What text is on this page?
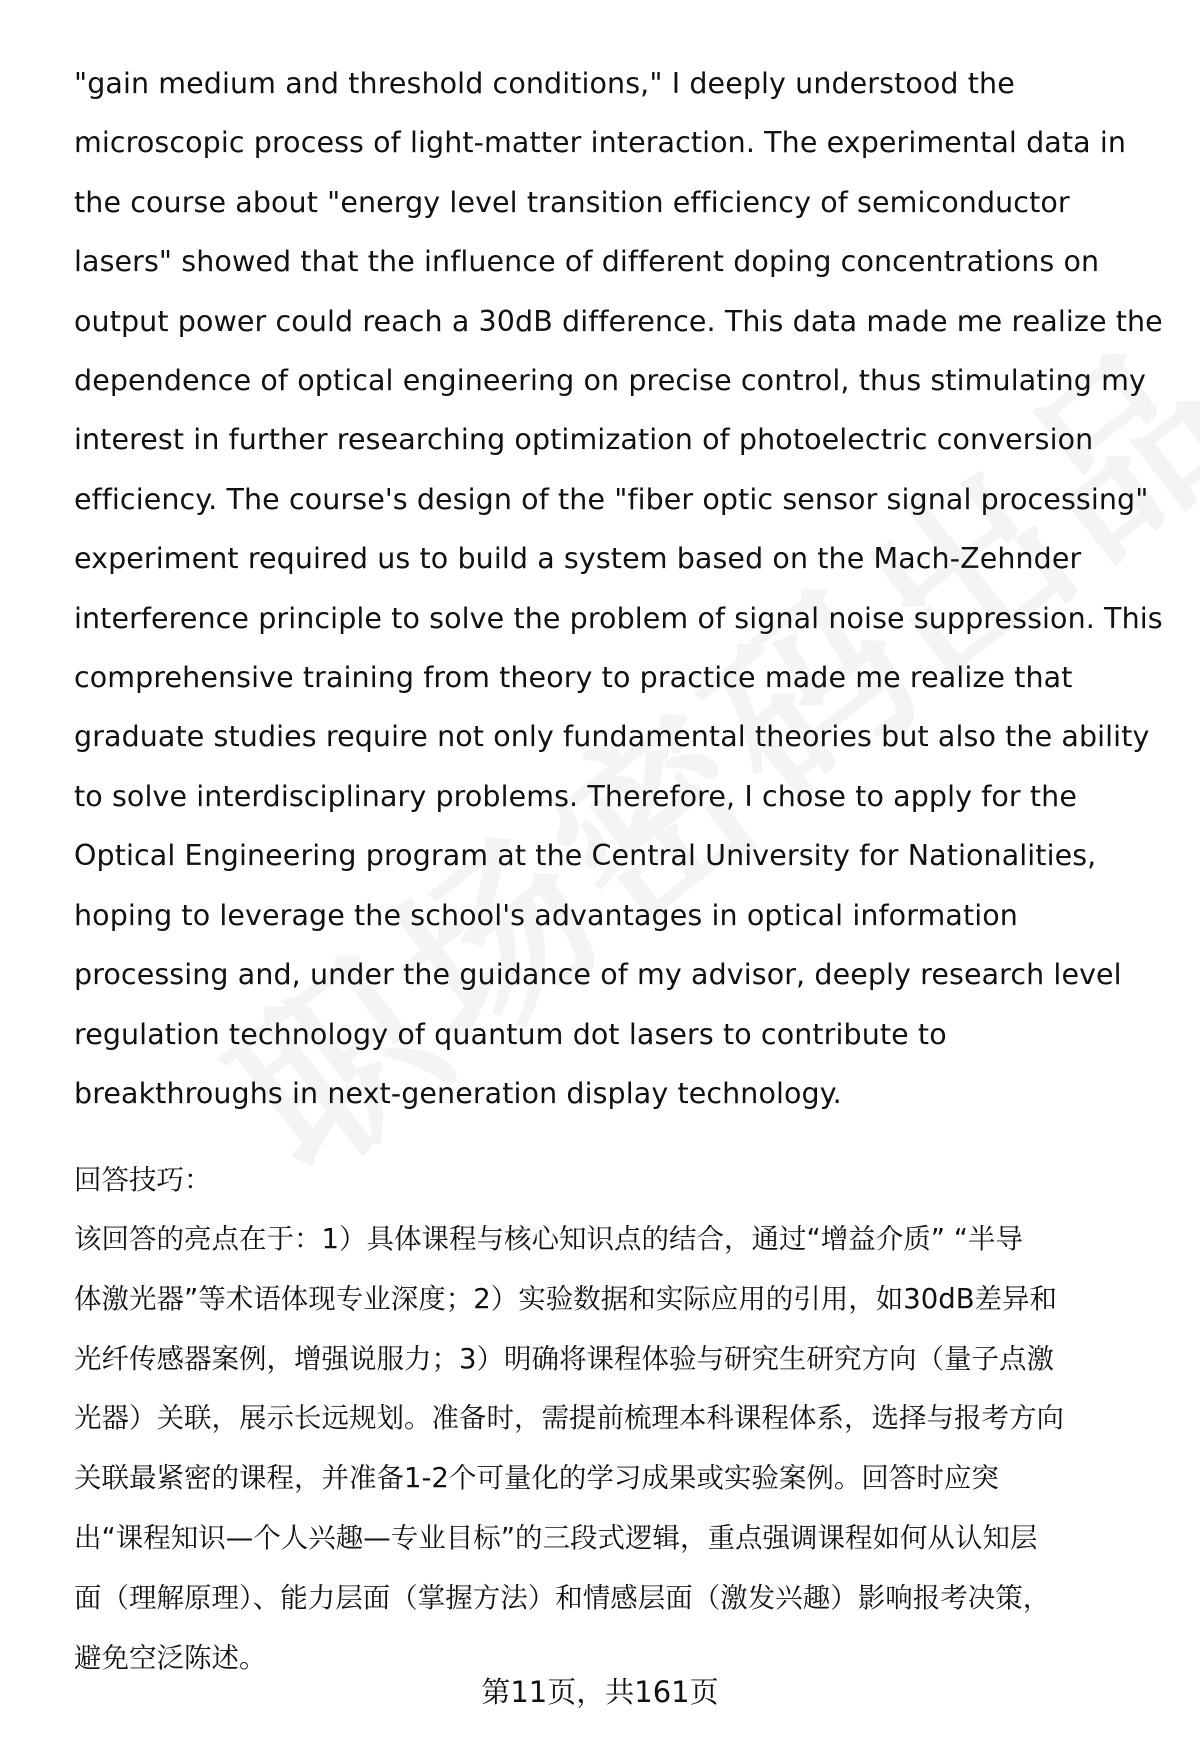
"gain medium and threshold conditions," I deeply understood the
microscopic process of light-matter interaction. The experimental data in
the course about "energy level transition efficiency of semiconductor
lasers" showed that the influence of different doping concentrations on
output power could reach a 30dB difference. This data made me realize the
dependence of optical engineering on precise control, thus stimulating my
interest in further researching optimization of photoelectric conversion
efficiency. The course's design of the "fiber optic sensor signal processing"
experiment required us to build a system based on the Mach-Zehnder
interference principle to solve the problem of signal noise suppression. This
comprehensive training from theory to practice made me realize that
graduate studies require not only fundamental theories but also the ability
to solve interdisciplinary problems. Therefore, I chose to apply for the
Optical Engineering program at the Central University for Nationalities,
hoping to leverage the school's advantages in optical information
processing and, under the guidance of my advisor, deeply research level
regulation technology of quantum dot lasers to contribute to
breakthroughs in next-generation display technology.

回答技巧：

该回答的亮点在于：1）具体课程与核心知识点的结合，通过“增益介质” “半导
体激光器”等术语体现专业深度；2）实验数据和实际应用的引用，如30dB差异和
光纤传感器案例，增强说服力；3）明确将课程体验与研究生研究方向（量子点激
光器）关联，展示长远规划。准备时，需提前梳理本科课程体系，选择与报考方向
关联最紧密的课程，并准备1-2个可量化的学习成果或实验案例。回答时应突
出“课程知识—个人兴趣—专业目标”的三段式逻辑，重点强调课程如何从认知层
面（理解原理）、能力层面（掌握方法）和情感层面（激发兴趣）影响报考决策，
避免空泛陈述。

第11页，共161页
